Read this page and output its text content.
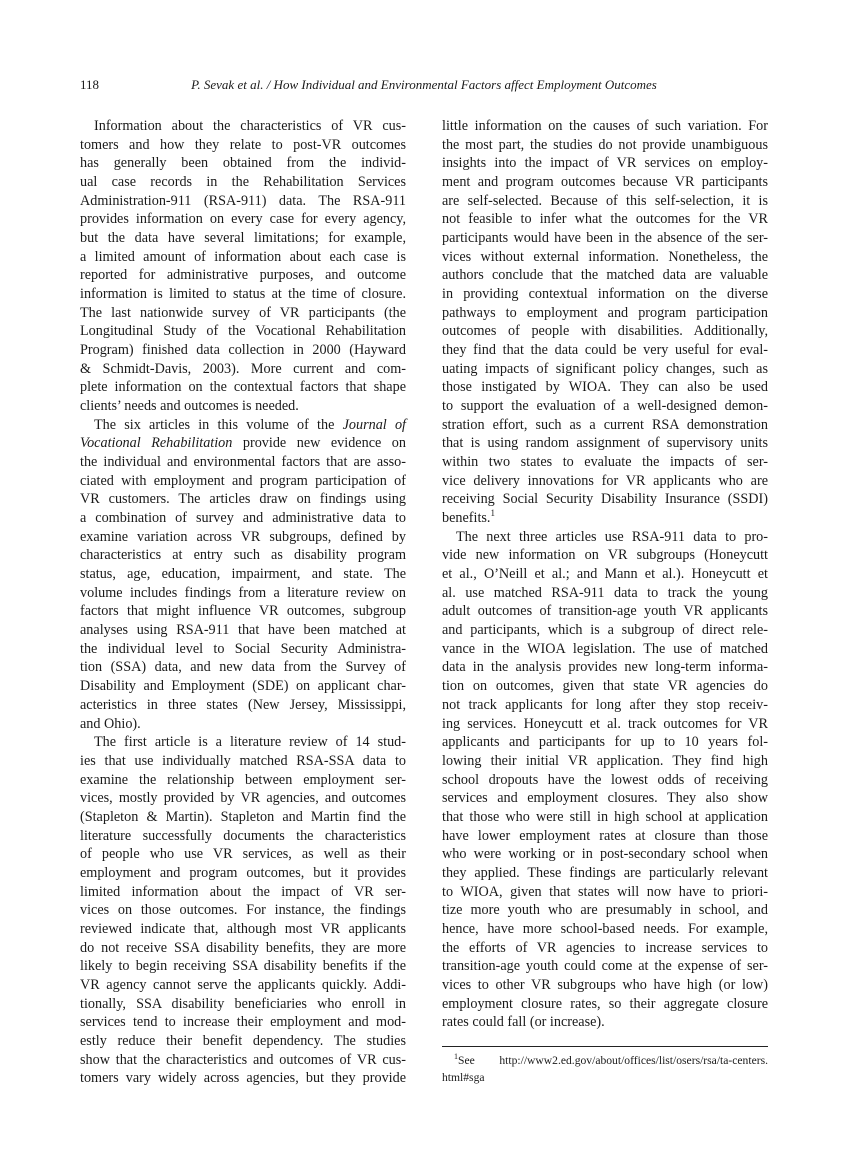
118	P. Sevak et al. / How Individual and Environmental Factors affect Employment Outcomes
Information about the characteristics of VR cus-
tomers and how they relate to post-VR outcomes
has generally been obtained from the individ-
ual case records in the Rehabilitation Services
Administration-911 (RSA-911) data. The RSA-911
provides information on every case for every agency,
but the data have several limitations; for example,
a limited amount of information about each case is
reported for administrative purposes, and outcome
information is limited to status at the time of closure.
The last nationwide survey of VR participants (the
Longitudinal Study of the Vocational Rehabilitation
Program) finished data collection in 2000 (Hayward
& Schmidt-Davis, 2003). More current and com-
plete information on the contextual factors that shape
clients’ needs and outcomes is needed.
The six articles in this volume of the Journal of
Vocational Rehabilitation provide new evidence on
the individual and environmental factors that are asso-
ciated with employment and program participation of
VR customers. The articles draw on findings using
a combination of survey and administrative data to
examine variation across VR subgroups, defined by
characteristics at entry such as disability program
status, age, education, impairment, and state. The
volume includes findings from a literature review on
factors that might influence VR outcomes, subgroup
analyses using RSA-911 that have been matched at
the individual level to Social Security Administra-
tion (SSA) data, and new data from the Survey of
Disability and Employment (SDE) on applicant char-
acteristics in three states (New Jersey, Mississippi,
and Ohio).
The first article is a literature review of 14 stud-
ies that use individually matched RSA-SSA data to
examine the relationship between employment ser-
vices, mostly provided by VR agencies, and outcomes
(Stapleton & Martin). Stapleton and Martin find the
literature successfully documents the characteristics
of people who use VR services, as well as their
employment and program outcomes, but it provides
limited information about the impact of VR ser-
vices on those outcomes. For instance, the findings
reviewed indicate that, although most VR applicants
do not receive SSA disability benefits, they are more
likely to begin receiving SSA disability benefits if the
VR agency cannot serve the applicants quickly. Addi-
tionally, SSA disability beneficiaries who enroll in
services tend to increase their employment and mod-
estly reduce their benefit dependency. The studies
show that the characteristics and outcomes of VR cus-
tomers vary widely across agencies, but they provide
little information on the causes of such variation. For
the most part, the studies do not provide unambiguous
insights into the impact of VR services on employ-
ment and program outcomes because VR participants
are self-selected. Because of this self-selection, it is
not feasible to infer what the outcomes for the VR
participants would have been in the absence of the ser-
vices without external information. Nonetheless, the
authors conclude that the matched data are valuable
in providing contextual information on the diverse
pathways to employment and program participation
outcomes of people with disabilities. Additionally,
they find that the data could be very useful for eval-
uating impacts of significant policy changes, such as
those instigated by WIOA. They can also be used
to support the evaluation of a well-designed demon-
stration effort, such as a current RSA demonstration
that is using random assignment of supervisory units
within two states to evaluate the impacts of ser-
vice delivery innovations for VR applicants who are
receiving Social Security Disability Insurance (SSDI)
benefits.$^1$
The next three articles use RSA-911 data to pro-
vide new information on VR subgroups (Honeycutt
et al., O’Neill et al.; and Mann et al.). Honeycutt et
al. use matched RSA-911 data to track the young
adult outcomes of transition-age youth VR applicants
and participants, which is a subgroup of direct rele-
vance in the WIOA legislation. The use of matched
data in the analysis provides new long-term informa-
tion on outcomes, given that state VR agencies do
not track applicants for long after they stop receiv-
ing services. Honeycutt et al. track outcomes for VR
applicants and participants for up to 10 years fol-
lowing their initial VR application. They find high
school dropouts have the lowest odds of receiving
services and employment closures. They also show
that those who were still in high school at application
have lower employment rates at closure than those
who were working or in post-secondary school when
they applied. These findings are particularly relevant
to WIOA, given that states will now have to priori-
tize more youth who are presumably in school, and
hence, have more school-based needs. For example,
the efforts of VR agencies to increase services to
transition-age youth could come at the expense of ser-
vices to other VR subgroups who have high (or low)
employment closure rates, so their aggregate closure
rates could fall (or increase).
$^1$See http://www2.ed.gov/about/offices/list/osers/rsa/ta-centers.
html#sga
